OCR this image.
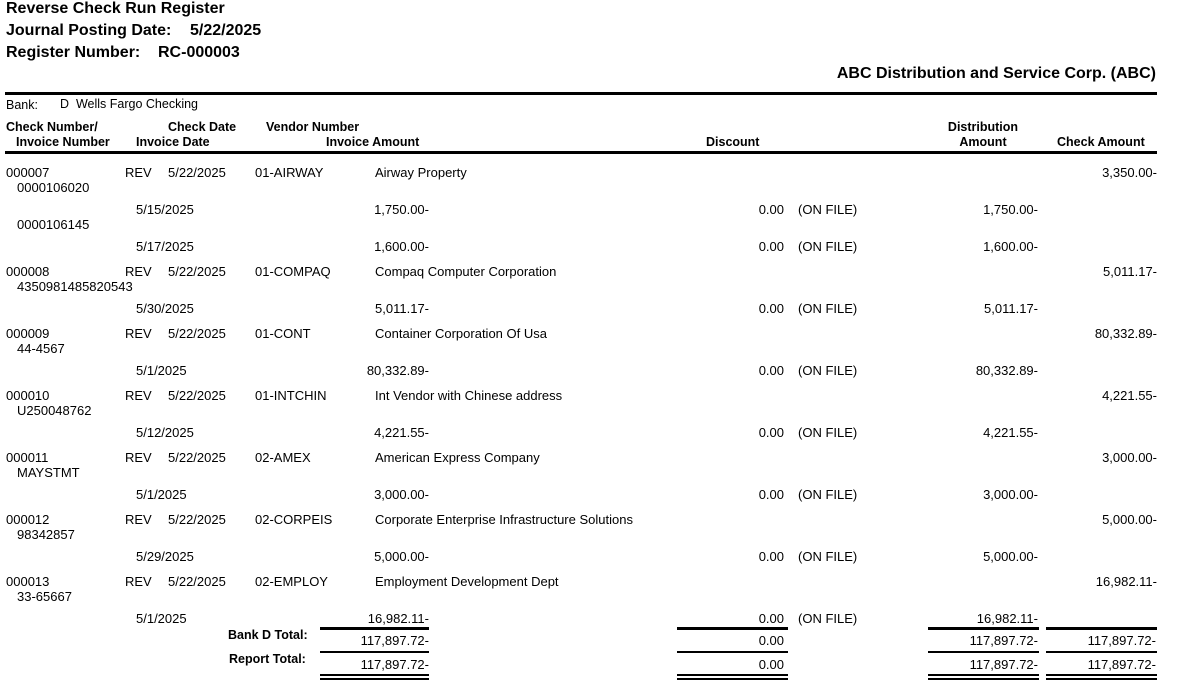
Reverse Check Run Register
Journal Posting Date: 5/22/2025
Register Number: RC-000003
ABC Distribution and Service Corp. (ABC)
Bank: D  Wells Fargo Checking
Check Number/
Invoice Number
Check Date
Invoice Date
Vendor Number
Invoice Amount	Discount
Distribution
Amount	Check Amount
000007	REV 5/22/2025 01-AIRWAY	Airway Property	3,350.00-
0000106020
5/15/2025	1,750.00-	0.00 (ON FILE)	1,750.00-
0000106145
5/17/2025	1,600.00-	0.00 (ON FILE)	1,600.00-
000008	REV 5/22/2025 01-COMPAQ	Compaq Computer Corporation	5,011.17-
4350981485820543
5/30/2025	5,011.17-	0.00 (ON FILE)	5,011.17-
000009	REV 5/22/2025 01-CONT	Container Corporation Of Usa	80,332.89-
44-4567
5/1/2025	80,332.89-	0.00 (ON FILE)	80,332.89-
000010	REV 5/22/2025 01-INTCHIN	Int Vendor with Chinese address	4,221.55-
U250048762
5/12/2025	4,221.55-	0.00 (ON FILE)	4,221.55-
000011	REV 5/22/2025 02-AMEX	American Express Company	3,000.00-
MAYSTMT
5/1/2025	3,000.00-	0.00 (ON FILE)	3,000.00-
000012	REV 5/22/2025 02-CORPEIS	Corporate Enterprise Infrastructure Solutions	5,000.00-
98342857
5/29/2025	5,000.00-	0.00 (ON FILE)	5,000.00-
000013	REV 5/22/2025 02-EMPLOY	Employment Development Dept	16,982.11-
33-65667
5/1/2025	16,982.11-	0.00 (ON FILE)	16,982.11-
Bank D Total:	117,897.72-	0.00	117,897.72-	117,897.72-
Report Total:	117,897.72-	0.00	117,897.72-	117,897.72-
